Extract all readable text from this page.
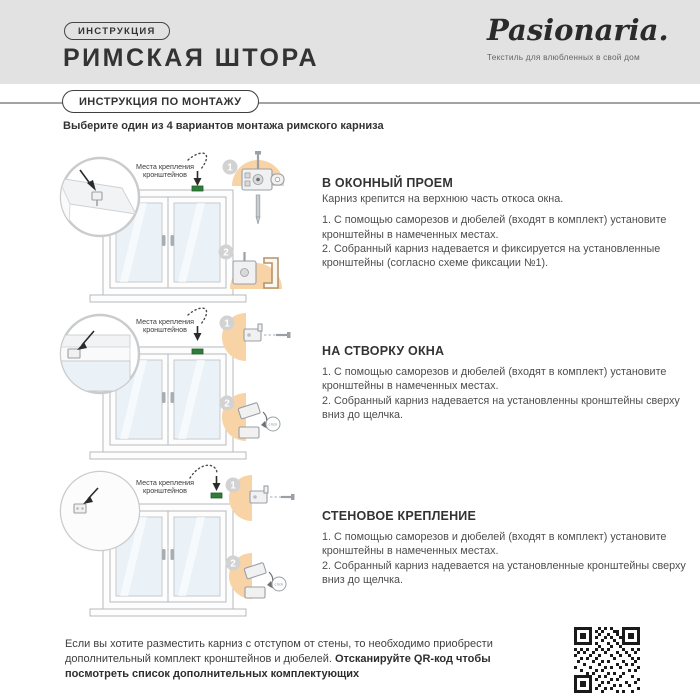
ИНСТРУКЦИЯ
РИМСКАЯ ШТОРА
Pasionaria.
Текстиль для влюбленных в свой дом
ИНСТРУКЦИЯ ПО МОНТАЖУ
Выберите один из 4 вариантов монтажа римского карниза
Места крепления
кронштейнов
1
2
Места крепления
кронштейнов	1
click
2
Места крепления
кронштейнов	1
click
2
В ОКОННЫЙ ПРОЕМ

Карниз крепится на верхнюю часть откоса окна.

1. С помощью саморезов и дюбелей (входят в комплект) установите кронштейны в намеченных местах.

2. Собранный карниз надевается и фиксируется на установленные кронштейны (согласно схеме фиксации №1).

НА СТВОРКУ ОКНА

1. С помощью саморезов и дюбелей (входят в комплект) установите кронштейны в намеченных местах.

2. Собранный карниз надевается на установленны кронштейны сверху вниз до щелчка.

СТЕНОВОЕ КРЕПЛЕНИЕ

1. С помощью саморезов и дюбелей (входят в комплект) установите кронштейны в намеченных местах.

2. Собранный карниз надевается на установленные кронштейны сверху вниз до щелчка.

Если вы хотите разместить карниз с отступом от стены, то необходимо приобрести дополнительный комплект кронштейнов и дюбелей. Отсканируйте QR-код чтобы посмотреть список дополнительных комплектующих
